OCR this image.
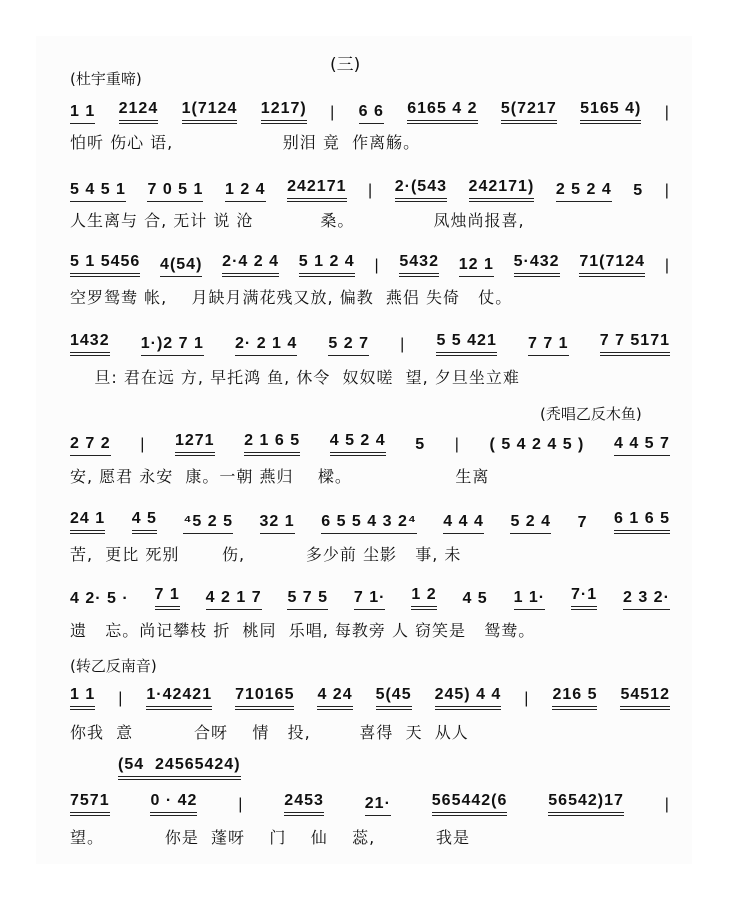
(三)
(杜宇重啼)
(秃唱乙反木鱼)
(转乙反南音)
1 1 2124 1(7124 1217) | 6 6 6165 4 2 5(7217 5165 4) |
怕听 伤心 语,                  别泪 竟  作离觞。
5 4 5 1 7 0 5 1 1 2 4 242171 | 2·(543 242171) 2 5 2 4 5 |
人生离与 合, 无计 说 沧           桑。             凤烛尚报喜,
5 1 5456 4(54) 2·4 2 4 5 1 2 4 | 5432 12 1 5·432 71(7124 |
空罗鸳鸯 帐,    月缺月满花残又放, 偏教  燕侣 失倚   仗。
1432 1·)2 7 1 2· 2 1 4 5 2 7 | 5 5 421 7 7 1 7 7 5171
旦: 君在远 方, 早托鸿 鱼, 休令  奴奴嗟  望, 夕旦坐立难
2 7 2 | 1271 2 1 6 5 4 5 2 4 5 | ( 5 4 2 4 5 ) 4 4 5 7
安, 愿君 永安  康。一朝 燕归    樑。                 生离
24 1 4 5 ⁴5 2 5 32 1 6 5 5 4 3 2⁴ 4 4 4 5 2 4 7 6 1 6 5
苦,  更比 死别       伤,          多少前 尘影   事, 未
4 2· 5 · 7 1 4 2 1 7 5 7 5 7 1· 1 2 4 5 1 1· 7·1 2 3 2·
遗   忘。尚记攀枝 折  桃同  乐唱, 每教旁 人 窃笑是   鸳鸯。
1 1 | 1·42421 710165 4 24 5(45 245) 4 4 | 216 5 54512
你我  意          合呀    情   投,        喜得  天  从人
(54  24565424)
7571	0 · 42	|	2453	21·	565442(6	56542)17	|
望。          你是  蓬呀    门    仙    蕊,          我是
